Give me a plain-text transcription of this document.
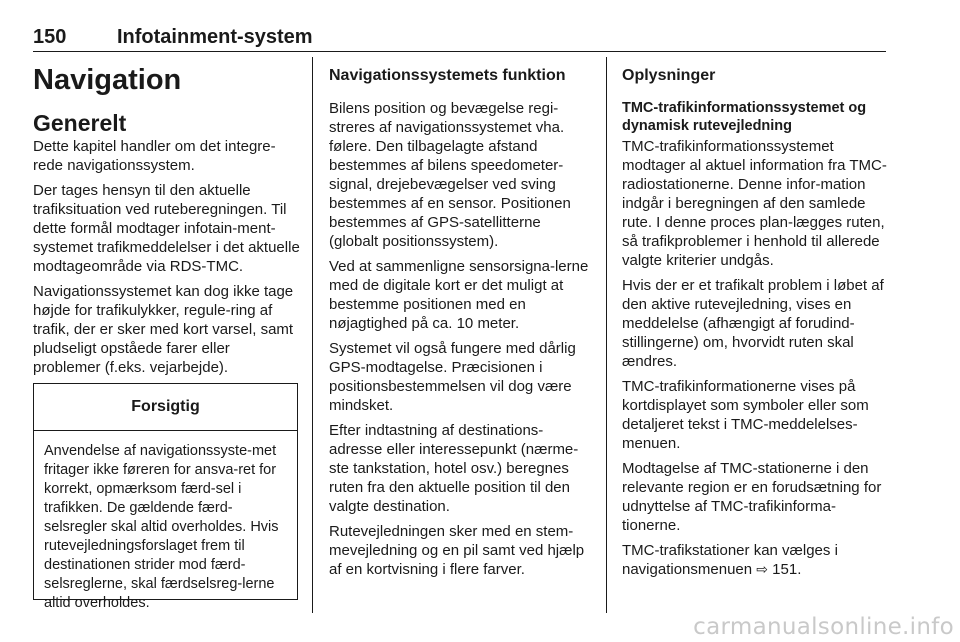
150	Infotainment-system
Navigation
Generelt

Dette kapitel handler om det integre-rede navigationssystem.

Der tages hensyn til den aktuelle trafiksituation ved ruteberegningen. Til dette formål modtager infotain-ment-systemet trafikmeddelelser i det aktuelle modtageområde via RDS-TMC.

Navigationssystemet kan dog ikke tage højde for trafikulykker, regule-ring af trafik, der er sker med kort varsel, samt pludseligt opståede farer eller problemer (f.eks. vejarbejde).

Forsigtig
Anvendelse af navigationssyste-met fritager ikke føreren for ansva-ret for korrekt, opmærksom færd-sel i trafikken. De gældende færd-selsregler skal altid overholdes. Hvis rutevejledningsforslaget frem til destinationen strider mod færd-selsreglerne, skal færdselsreg-lerne altid overholdes.
Navigationssystemets funktion

Bilens position og bevægelse regi-streres af navigationssystemet vha. følere. Den tilbagelagte afstand bestemmes af bilens speedometer-signal, drejebevægelser ved sving bestemmes af en sensor. Positionen bestemmes af GPS-satellitterne (globalt positionssystem).

Ved at sammenligne sensorsigna-lerne med de digitale kort er det muligt at bestemme positionen med en nøjagtighed på ca. 10 meter.

Systemet vil også fungere med dårlig GPS-modtagelse. Præcisionen i positionsbestemmelsen vil dog være mindsket.

Efter indtastning af destinations-adresse eller interessepunkt (nærme-ste tankstation, hotel osv.) beregnes ruten fra den aktuelle position til den valgte destination.

Rutevejledningen sker med en stem-mevejledning og en pil samt ved hjælp af en kortvisning i flere farver.

Oplysninger
TMC-trafikinformationssystemet og dynamisk rutevejledning

TMC-trafikinformationssystemet modtager al aktuel information fra TMC-radiostationerne. Denne infor-mation indgår i beregningen af den samlede rute. I denne proces plan-lægges ruten, så trafikproblemer i henhold til allerede valgte kriterier undgås.

Hvis der er et trafikalt problem i løbet af den aktive rutevejledning, vises en meddelelse (afhængigt af forudind-stillingerne) om, hvorvidt ruten skal ændres.

TMC-trafikinformationerne vises på kortdisplayet som symboler eller som detaljeret tekst i TMC-meddelelses-menuen.

Modtagelse af TMC-stationerne i den relevante region er en forudsætning for udnyttelse af TMC-trafikinforma-tionerne.

TMC-trafikstationer kan vælges i navigationsmenuen ⇨ 151.

carmanualsonline.info
